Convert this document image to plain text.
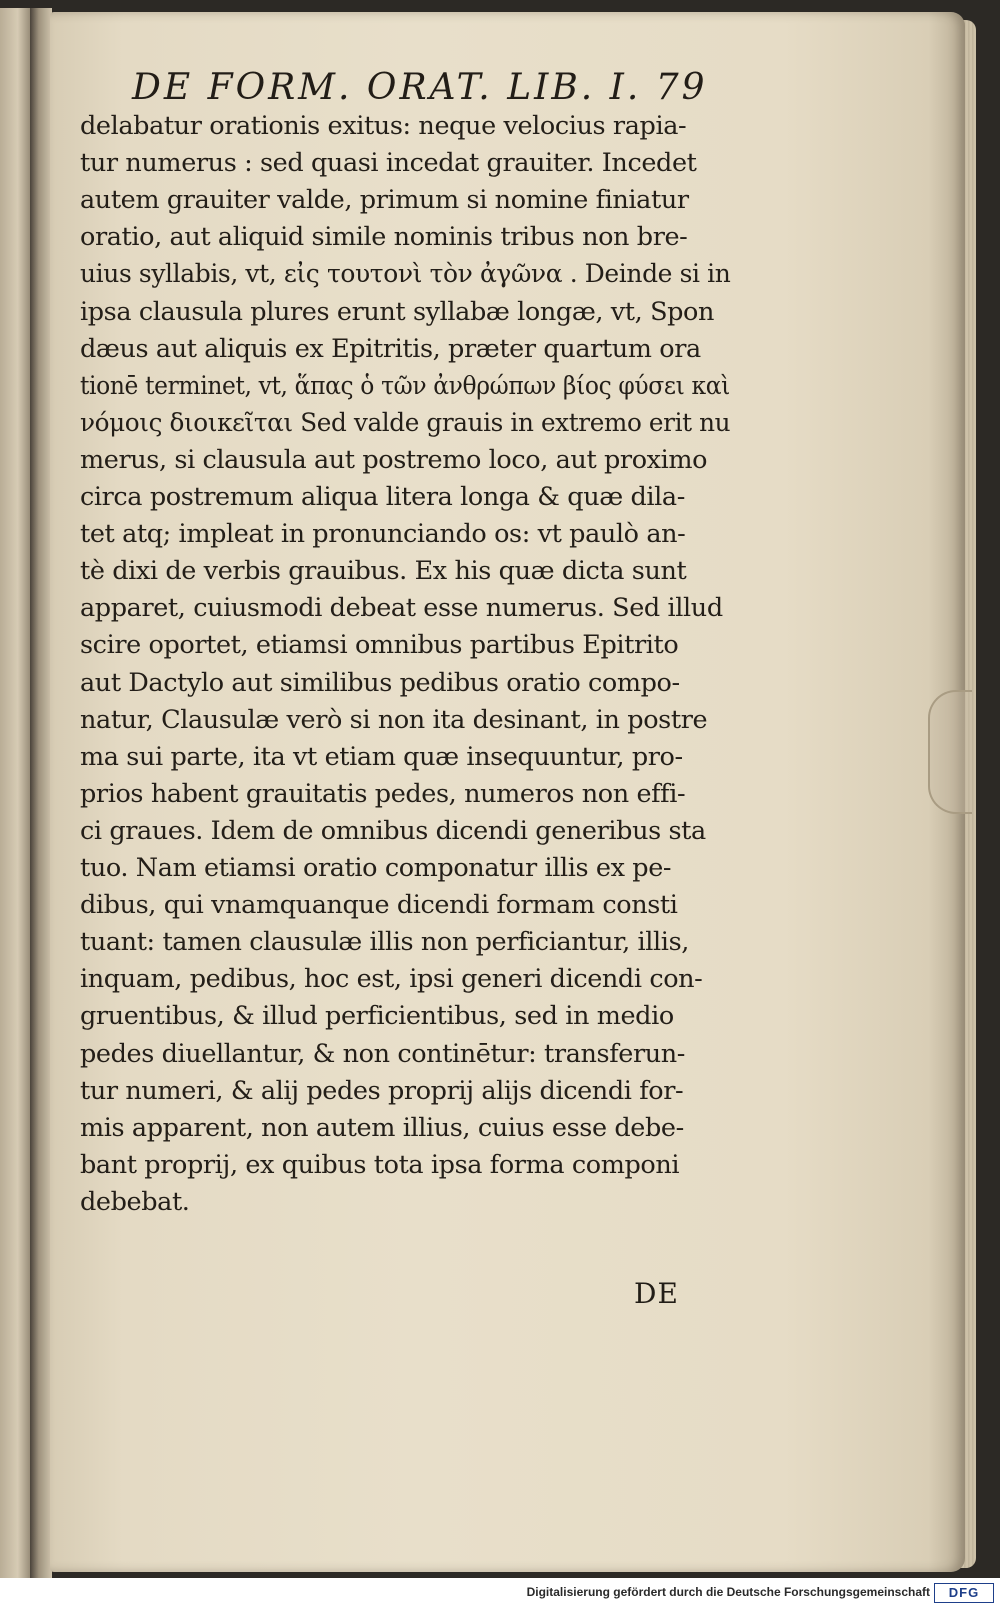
DE FORM. ORAT. LIB. I. 79
delabatur orationis exitus: neque velocius rapia-
tur numerus : sed quasi incedat grauiter. Incedet
autem grauiter valde, primum si nomine finiatur
oratio, aut aliquid simile nominis tribus non bre-
uius syllabis, vt, εἰς τουτονὶ τὸν ἀγῶνα . Deinde si in
ipsa clausula plures erunt syllabæ longæ, vt, Spon
dæus aut aliquis ex Epitritis, præter quartum ora
tionē terminet, vt, ἅπας ὁ τῶν ἀνθρώπων βίος φύσει καὶ
νόμοις διοικεῖται Sed valde grauis in extremo erit nu
merus, si clausula aut postremo loco, aut proximo
circa postremum aliqua litera longa & quæ dila-
tet atq; impleat in pronunciando os: vt paulò an-
tè dixi de verbis grauibus. Ex his quæ dicta sunt
apparet, cuiusmodi debeat esse numerus. Sed illud
scire oportet, etiamsi omnibus partibus Epitrito
aut Dactylo aut similibus pedibus oratio compo-
natur, Clausulæ verò si non ita desinant, in postre
ma sui parte, ita vt etiam quæ insequuntur, pro-
prios habent grauitatis pedes, numeros non effi-
ci graues. Idem de omnibus dicendi generibus sta
tuo. Nam etiamsi oratio componatur illis ex pe-
dibus, qui vnamquanque dicendi formam consti
tuant: tamen clausulæ illis non perficiantur, illis,
inquam, pedibus, hoc est, ipsi generi dicendi con-
gruentibus, & illud perficientibus, sed in medio
pedes diuellantur, & non continētur: transferun-
tur numeri, & alij pedes proprij alijs dicendi for-
mis apparent, non autem illius, cuius esse debe-
bant proprij, ex quibus tota ipsa forma componi
debebat.
DE
Digitalisierung gefördert durch die Deutsche Forschungsgemeinschaft	DFG
